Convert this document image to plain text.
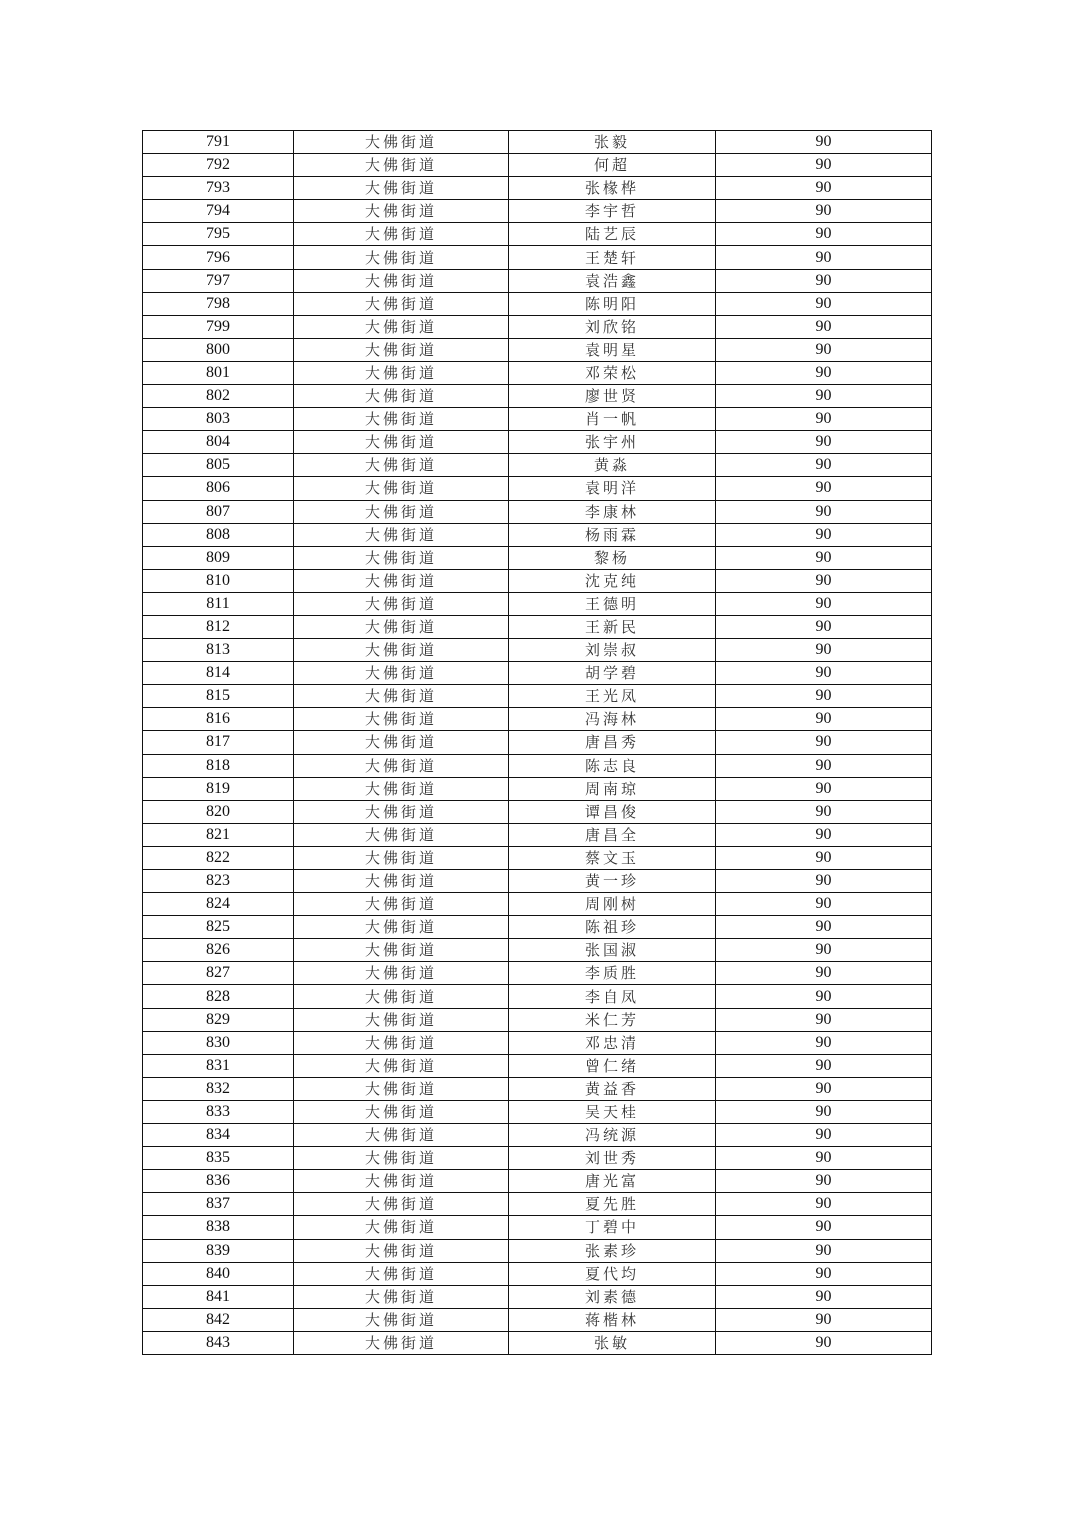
791	大佛街道	张毅	90
792	大佛街道	何超	90
793	大佛街道	张椽桦	90
794	大佛街道	李宇哲	90
795	大佛街道	陆艺辰	90
796	大佛街道	王楚轩	90
797	大佛街道	袁浩鑫	90
798	大佛街道	陈明阳	90
799	大佛街道	刘欣铭	90
800	大佛街道	袁明星	90
801	大佛街道	邓荣松	90
802	大佛街道	廖世贤	90
803	大佛街道	肖一帆	90
804	大佛街道	张宇州	90
805	大佛街道	黄淼	90
806	大佛街道	袁明洋	90
807	大佛街道	李康林	90
808	大佛街道	杨雨霖	90
809	大佛街道	黎杨	90
810	大佛街道	沈克纯	90
811	大佛街道	王德明	90
812	大佛街道	王新民	90
813	大佛街道	刘崇叔	90
814	大佛街道	胡学碧	90
815	大佛街道	王光凤	90
816	大佛街道	冯海林	90
817	大佛街道	唐昌秀	90
818	大佛街道	陈志良	90
819	大佛街道	周南琼	90
820	大佛街道	谭昌俊	90
821	大佛街道	唐昌全	90
822	大佛街道	蔡文玉	90
823	大佛街道	黄一珍	90
824	大佛街道	周刚树	90
825	大佛街道	陈祖珍	90
826	大佛街道	张国淑	90
827	大佛街道	李质胜	90
828	大佛街道	李自凤	90
829	大佛街道	米仁芳	90
830	大佛街道	邓忠清	90
831	大佛街道	曾仁绪	90
832	大佛街道	黄益香	90
833	大佛街道	吴天桂	90
834	大佛街道	冯统源	90
835	大佛街道	刘世秀	90
836	大佛街道	唐光富	90
837	大佛街道	夏先胜	90
838	大佛街道	丁碧中	90
839	大佛街道	张素珍	90
840	大佛街道	夏代均	90
841	大佛街道	刘素德	90
842	大佛街道	蒋楷林	90
843	大佛街道	张敏	90
